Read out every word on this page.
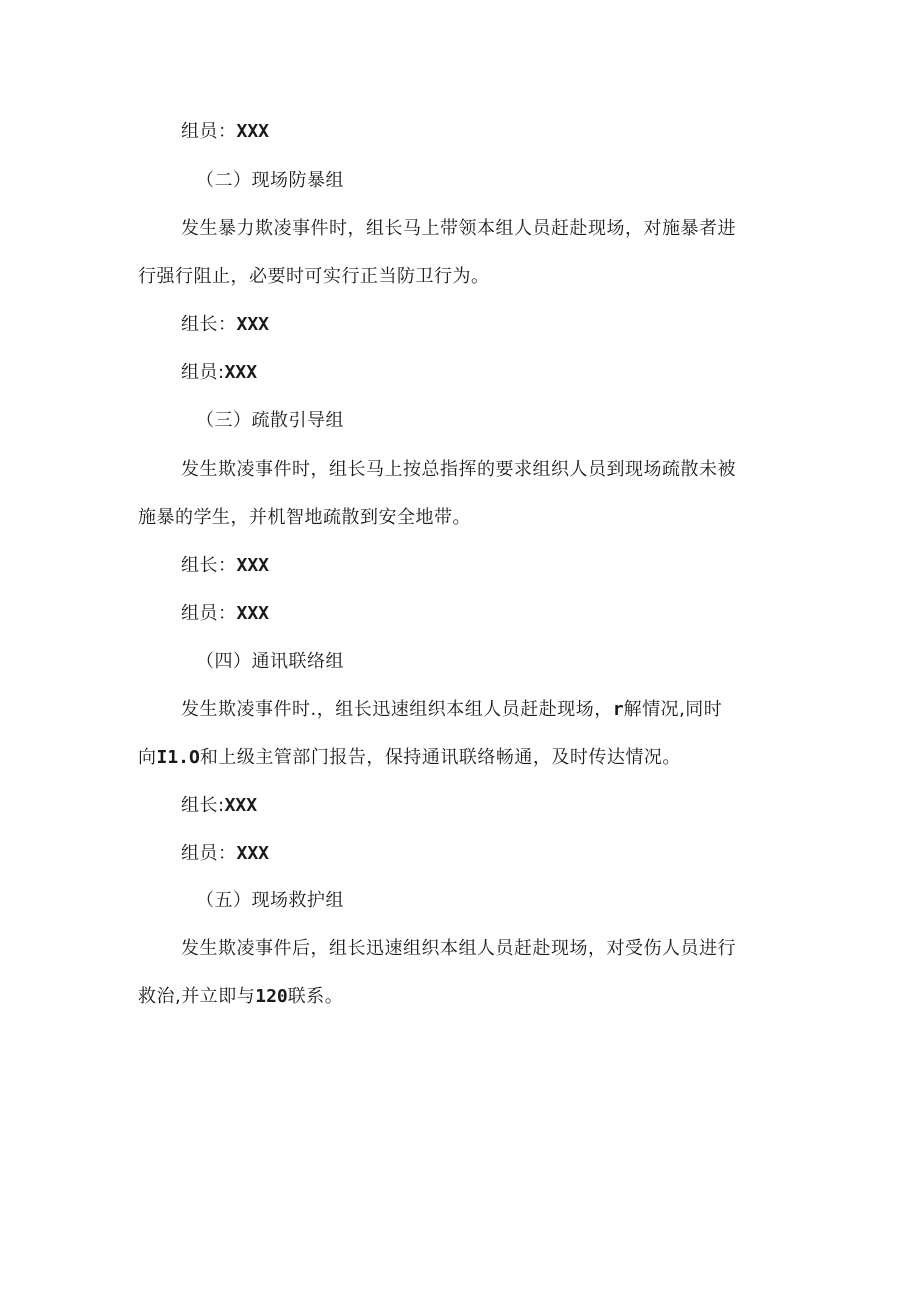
组员：XXX
（二）现场防暴组
发生暴力欺凌事件时，组长马上带领本组人员赶赴现场，对施暴者进
行强行阻止，必要时可实行正当防卫行为。
组长：XXX
组员:XXX
（三）疏散引导组
发生欺凌事件时，组长马上按总指挥的要求组织人员到现场疏散未被
施暴的学生，并机智地疏散到安全地带。
组长：XXX
组员：XXX
（四）通讯联络组
发生欺凌事件时.，组长迅速组织本组人员赶赴现场，r解情况,同时
向I1.O和上级主管部门报告，保持通讯联络畅通，及时传达情况。
组长:XXX
组员：XXX
（五）现场救护组
发生欺凌事件后，组长迅速组织本组人员赶赴现场，对受伤人员进行
救治,并立即与120联系。
